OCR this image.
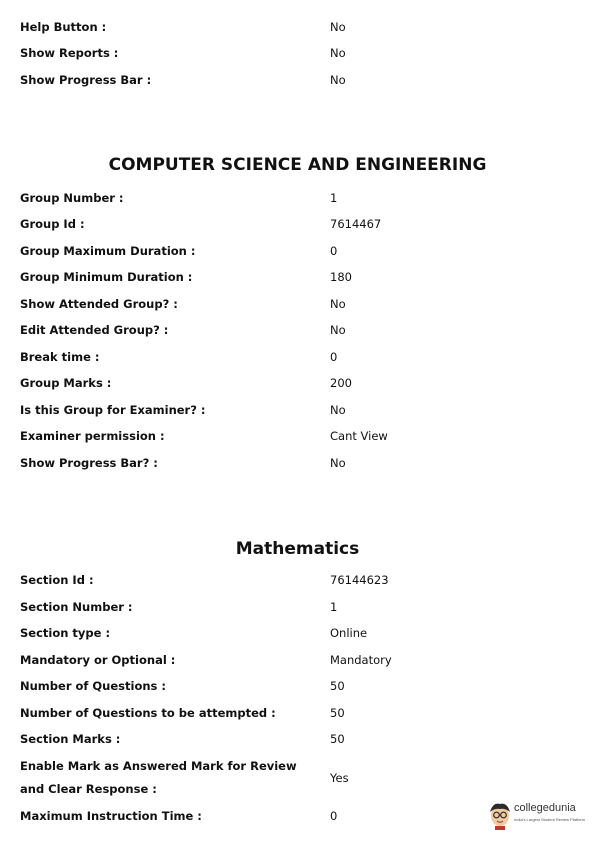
Help Button :	No
Show Reports :	No
Show Progress Bar :	No
COMPUTER SCIENCE AND ENGINEERING
Group Number :	1
Group Id :	7614467
Group Maximum Duration :	0
Group Minimum Duration :	180
Show Attended Group? :	No
Edit Attended Group? :	No
Break time :	0
Group Marks :	200
Is this Group for Examiner? :	No
Examiner permission :	Cant View
Show Progress Bar? :	No
Mathematics
Section Id :	76144623
Section Number :	1
Section type :	Online
Mandatory or Optional :	Mandatory
Number of Questions :	50
Number of Questions to be attempted :	50
Section Marks :	50
Enable Mark as Answered Mark for Review and Clear Response :
Yes
Maximum Instruction Time :	0
collegedunia
India's Largest Student Review Platform
